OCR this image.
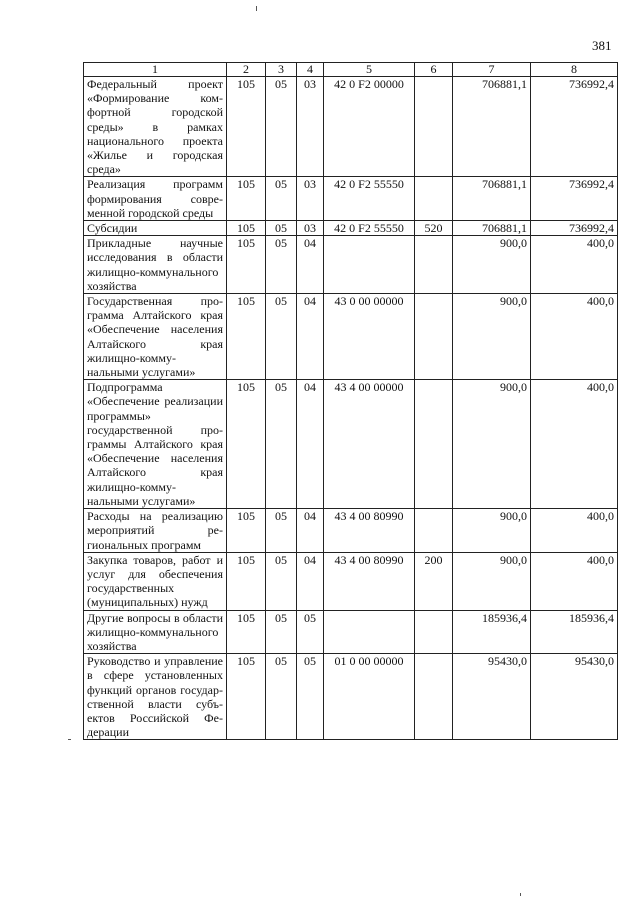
381
1	2	3	4	5	6	7	8
Федеральный проект «Формирование комфортной городской среды» в рамках национального проекта «Жилье и городская среда»	105	05	03	42 0 F2 00000		706881,1	736992,4
Реализация программ формирования современной городской среды	105	05	03	42 0 F2 55550		706881,1	736992,4
Субсидии	105	05	03	42 0 F2 55550	520	706881,1	736992,4
Прикладные научные исследования в области жилищно-коммунального хозяйства	105	05	04			900,0	400,0
Государственная программа Алтайского края «Обеспечение населения Алтайского края жилищно-коммунальными услугами»	105	05	04	43 0 00 00000		900,0	400,0
Подпрограмма «Обеспечение реализации программы» государственной программы Алтайского края «Обеспечение населения Алтайского края жилищно-коммунальными услугами»	105	05	04	43 4 00 00000		900,0	400,0
Расходы на реализацию мероприятий региональных программ	105	05	04	43 4 00 80990		900,0	400,0
Закупка товаров, работ и услуг для обеспечения государственных (муниципальных) нужд	105	05	04	43 4 00 80990	200	900,0	400,0
Другие вопросы в области жилищно-коммунального хозяйства	105	05	05			185936,4	185936,4
Руководство и управление в сфере установленных функций органов государственной власти субъектов Российской Федерации	105	05	05	01 0 00 00000		95430,0	95430,0
